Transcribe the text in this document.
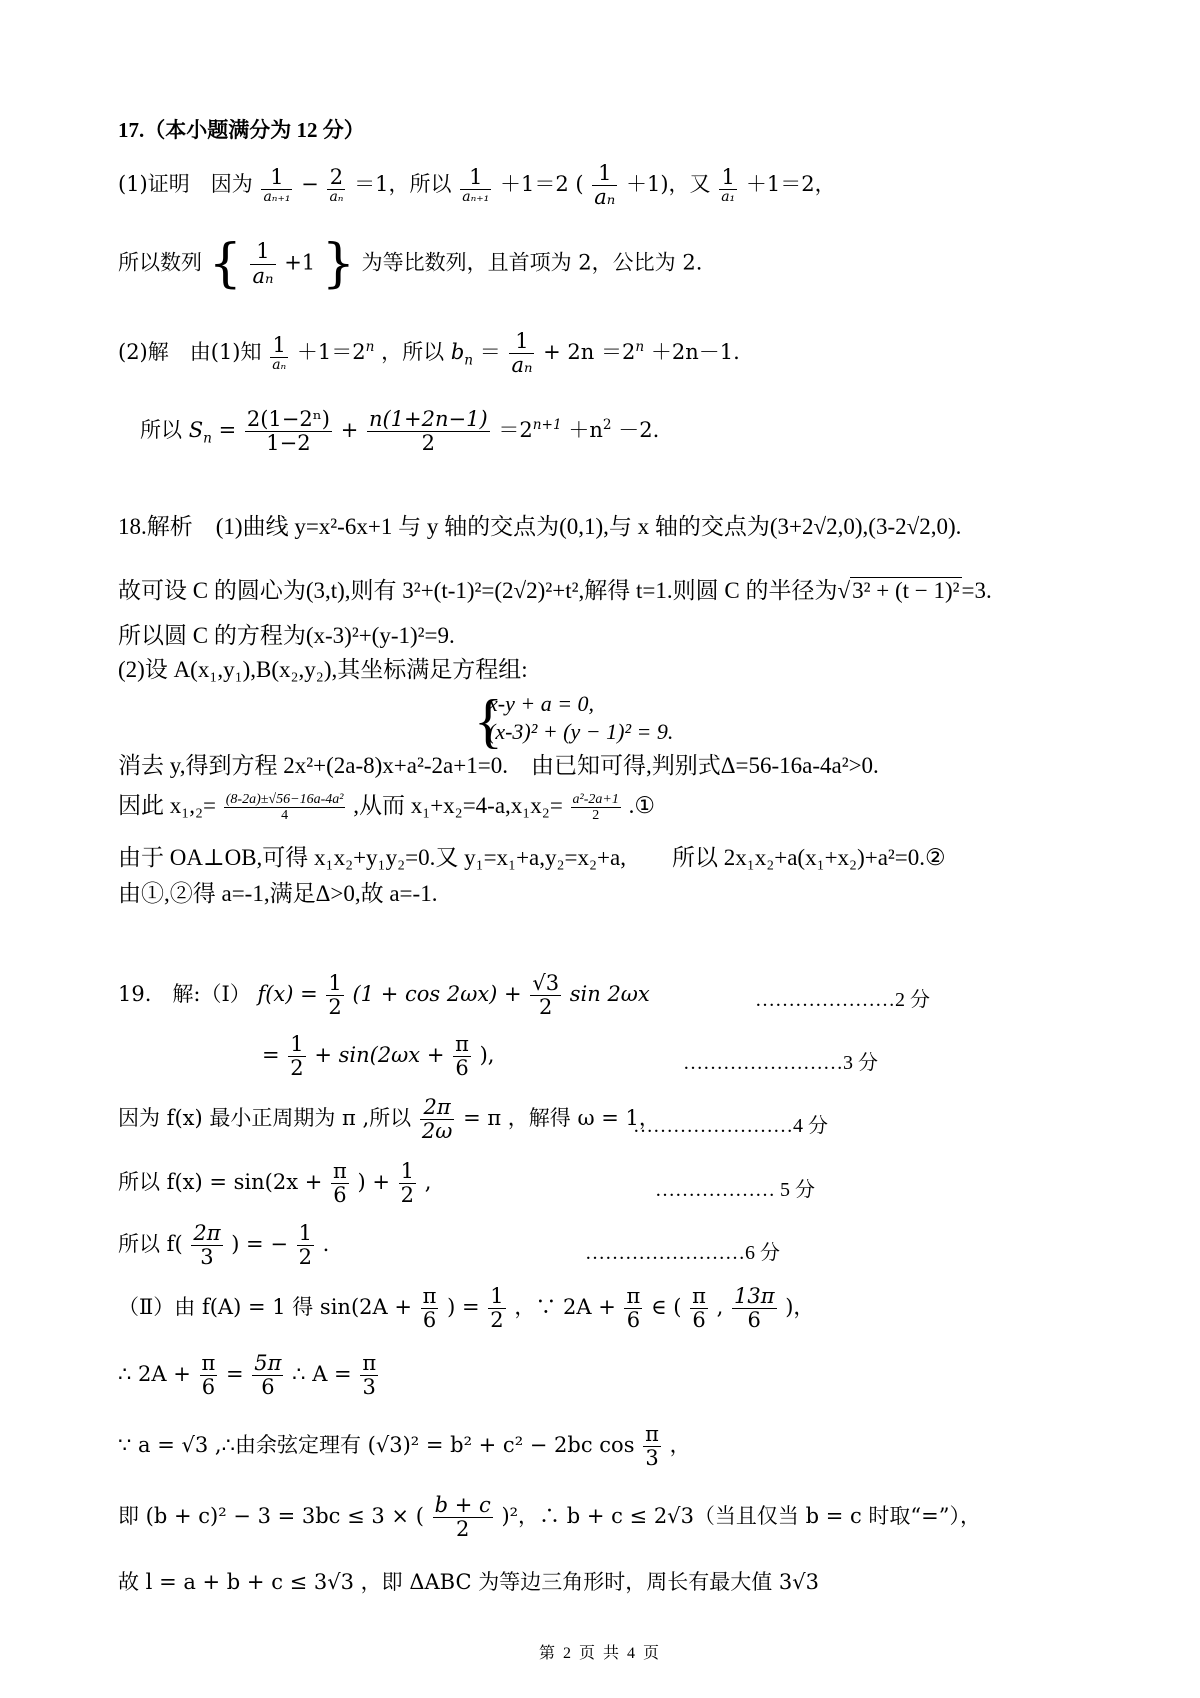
17.（本小题满分为 12 分）
(1)证明　因为 $\frac{1}{\text{aₙ₊₁}} - \frac{2}{\text{aₙ}} =1$，所以 $\frac{1}{\text{aₙ₊₁}} +1=2$ ( $\frac{1}{\text{aₙ}} +1$)，又 $\frac{1}{\text{a₁}} +1=2$，
所以数列 { $\frac{1}{\text{aₙ}} +1$ } 为等比数列，且首项为 2，公比为 2.
(2)解　由(1)知 $\frac{1}{\text{aₙ}} +1=2^n$ ，所以 $b_n = \frac{1}{\text{aₙ}} + 2n =2^n +2n-1$.
所以 $S_n = \frac{\text{2(1−2ⁿ)}}{1-2} + \frac{n(1+2n-1)}{2} =2^{n+1} +n^2 -2$.
18.解析　(1)曲线 y=x²-6x+1 与 y 轴的交点为(0,1),与 x 轴的交点为(3+2√2,0),(3-2√2,0).
故可设 C 的圆心为(3,t),则有 3²+(t-1)²=(2√2)²+t²,解得 t=1.则圆 C 的半径为√3² + (t − 1)²=3.
所以圆 C 的方程为(x-3)²+(y-1)²=9.
(2)设 A(x₁,y₁),B(x₂,y₂),其坐标满足方程组:
{
x-y + a = 0,
(x-3)² + (y − 1)² = 9.
消去 y,得到方程 2x²+(2a-8)x+a²-2a+1=0.　由已知可得,判别式Δ=56-16a-4a²>0.
因此 $x_1,_2= \frac{\text{(8-2a)±√56−16a-4a²}}{4}$ ,从而 $x_1+x_2=4-a,x_1x_2= \frac{\text{a²-2a+1}}{2}$ .①
由于 OA⊥OB,可得 x₁x₂+y₁y₂=0.又 y₁=x₁+a,y₂=x₂+a,　　所以 2x₁x₂+a(x₁+x₂)+a²=0.②
由①,②得 a=-1,满足Δ>0,故 a=-1.
19.　解:（Ⅰ） $f(x) = \frac{1}{2} (1 + \cos 2\omega x) + \frac{√3}{2}$ sin 2ωx	…………………2 分
= $\frac{1}{2} + \sin(2\omega x + \frac{\pi}{6}$ ),	……………………3 分
因为 f(x) 最小正周期为 π ,所以 $\frac{2\pi}{2\omega} = \pi$ ，解得 ω = 1，
……………………4 分
所以 $f(x) = \sin(2x + \frac{\pi}{6}$ ) + $\frac{1}{2}$ ,	……………… 5 分
所以 $f( \frac{2\pi}{3}$ ) = − $\frac{1}{2}$ .	……………………6 分
（Ⅱ）由 f(A) = 1 得 $\sin(2A + \frac{\pi}{6}$ ) = $\frac{1}{2}$ ，∵ $2A + \frac{\pi}{6}$ ∈ ( $\frac{\pi}{6}$ , $\frac{13\pi}{6}$ )，
∴ $2A + \frac{\pi}{6} = \frac{5\pi}{6}$ ∴ $A = \frac{\pi}{3}$
∵ a = √3 ,∴由余弦定理有 (√3)² = b² + c² − 2bc $\cos \frac{\pi}{3}$ ，
即 (b + c)² − 3 = 3bc ≤ 3 × ( $\frac{b + c}{2} )^2$，∴ b + c ≤ 2√3（当且仅当 b = c 时取“=”），
故 l = a + b + c ≤ 3√3 ，即 ΔABC 为等边三角形时，周长有最大值 3√3
第 2 页 共 4 页
